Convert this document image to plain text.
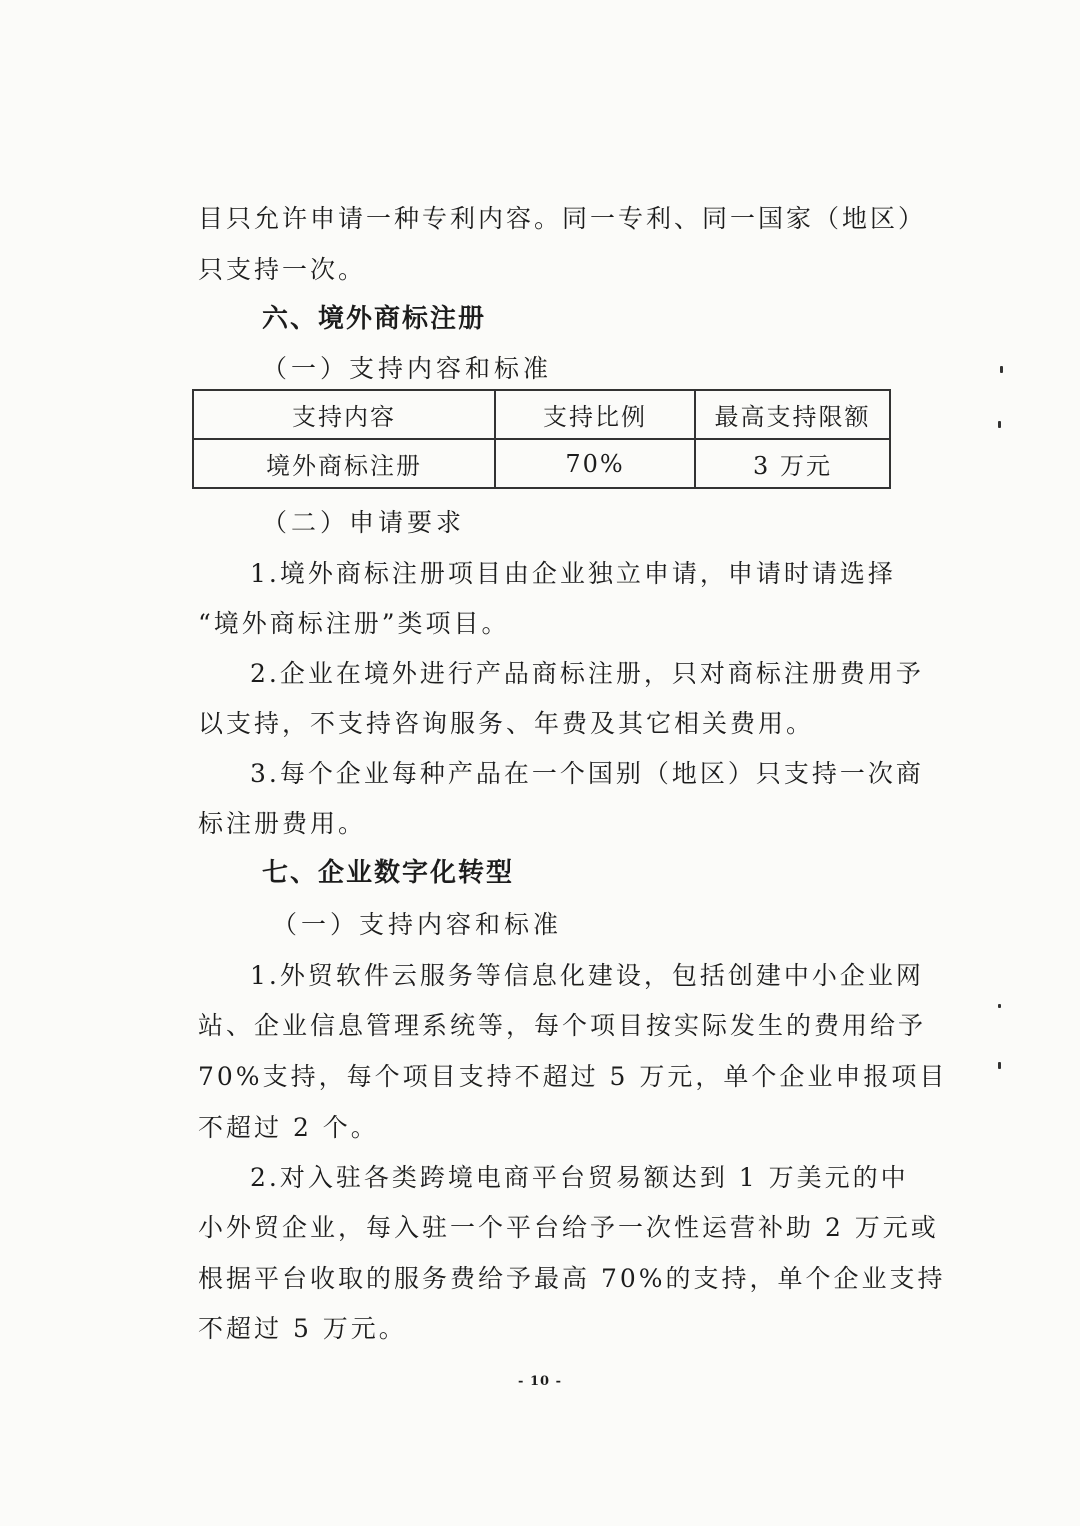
目只允许申请一种专利内容。同一专利、同一国家（地区）

只支持一次。

六、境外商标注册

（一）支持内容和标准

支持内容	支持比例	最高支持限额
境外商标注册	70%	3 万元

（二）申请要求

1.境外商标注册项目由企业独立申请，申请时请选择

“境外商标注册”类项目。

2.企业在境外进行产品商标注册，只对商标注册费用予

以支持，不支持咨询服务、年费及其它相关费用。

3.每个企业每种产品在一个国别（地区）只支持一次商

标注册费用。

七、企业数字化转型

（一）支持内容和标准

1.外贸软件云服务等信息化建设，包括创建中小企业网

站、企业信息管理系统等，每个项目按实际发生的费用给予

70%支持，每个项目支持不超过 5 万元，单个企业申报项目

不超过 2 个。

2.对入驻各类跨境电商平台贸易额达到 1 万美元的中

小外贸企业，每入驻一个平台给予一次性运营补助 2 万元或

根据平台收取的服务费给予最高 70%的支持，单个企业支持

不超过 5 万元。

- 10 -
